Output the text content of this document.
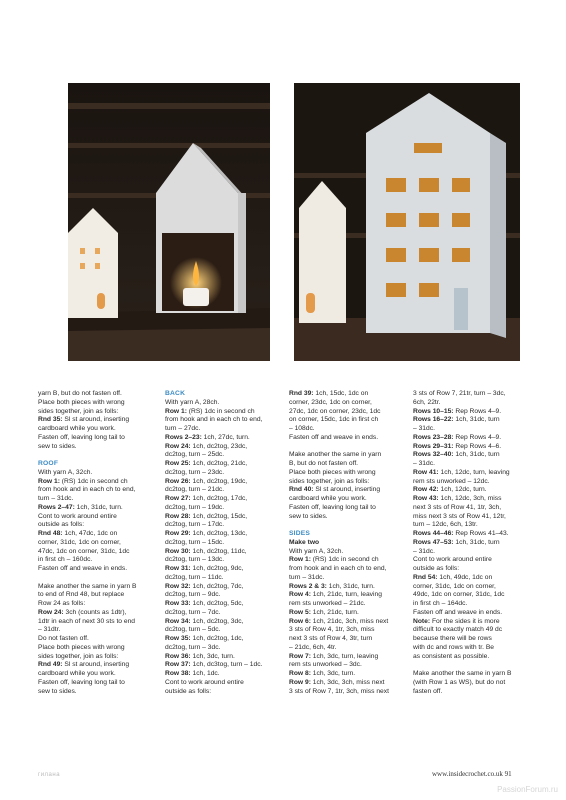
yarn B, but do not fasten off.

Place both pieces with wrong

sides together, join as folls:

Rnd 35: Sl st around, inserting

cardboard while you work.

Fasten off, leaving long tail to

sew to sides.

ROOF

With yarn A, 32ch.

Row 1: (RS) 1dc in second ch

from hook and in each ch to end,

turn – 31dc.

Rows 2–47: 1ch, 31dc, turn.

Cont to work around entire

outside as folls:

Rnd 48: 1ch, 47dc, 1dc on

corner, 31dc, 1dc on corner,

47dc, 1dc on corner, 31dc, 1dc

in first ch – 160dc.

Fasten off and weave in ends.

Make another the same in yarn B

to end of Rnd 48, but replace

Row 24 as folls:

Row 24: 3ch (counts as 1dtr),

1dtr in each of next 30 sts to end

– 31dtr.

Do not fasten off.

Place both pieces with wrong

sides together, join as folls:

Rnd 49: Sl st around, inserting

cardboard while you work.

Fasten off, leaving long tail to

sew to sides.

BACK

With yarn A, 28ch.

Row 1: (RS) 1dc in second ch

from hook and in each ch to end,

turn – 27dc.

Rows 2–23: 1ch, 27dc, turn.

Row 24: 1ch, dc2tog, 23dc,

dc2tog, turn – 25dc.

Row 25: 1ch, dc2tog, 21dc,

dc2tog, turn – 23dc.

Row 26: 1ch, dc2tog, 19dc,

dc2tog, turn – 21dc.

Row 27: 1ch, dc2tog, 17dc,

dc2tog, turn – 19dc.

Row 28: 1ch, dc2tog, 15dc,

dc2tog, turn – 17dc.

Row 29: 1ch, dc2tog, 13dc,

dc2tog, turn – 15dc.

Row 30: 1ch, dc2tog, 11dc,

dc2tog, turn – 13dc.

Row 31: 1ch, dc2tog, 9dc,

dc2tog, turn – 11dc.

Row 32: 1ch, dc2tog, 7dc,

dc2tog, turn – 9dc.

Row 33: 1ch, dc2tog, 5dc,

dc2tog, turn – 7dc.

Row 34: 1ch, dc2tog, 3dc,

dc2tog, turn – 5dc.

Row 35: 1ch, dc2tog, 1dc,

dc2tog, turn – 3dc.

Row 36: 1ch, 3dc, turn.

Row 37: 1ch, dc3tog, turn – 1dc.

Row 38: 1ch, 1dc.

Cont to work around entire

outside as folls:

Rnd 39: 1ch, 15dc, 1dc on

corner, 23dc, 1dc on corner,

27dc, 1dc on corner, 23dc, 1dc

on corner, 15dc, 1dc in first ch

– 108dc.

Fasten off and weave in ends.

Make another the same in yarn

B, but do not fasten off.

Place both pieces with wrong

sides together, join as folls:

Rnd 40: Sl st around, inserting

cardboard while you work.

Fasten off, leaving long tail to

sew to sides.

SIDES

Make two

With yarn A, 32ch.

Row 1: (RS) 1dc in second ch

from hook and in each ch to end,

turn – 31dc.

Rows 2 & 3: 1ch, 31dc, turn.

Row 4: 1ch, 21dc, turn, leaving

rem sts unworked – 21dc.

Row 5: 1ch, 21dc, turn.

Row 6: 1ch, 21dc, 3ch, miss next

3 sts of Row 4, 1tr, 3ch, miss

next 3 sts of Row 4, 3tr, turn

– 21dc, 6ch, 4tr.

Row 7: 1ch, 3dc, turn, leaving

rem sts unworked – 3dc.

Row 8: 1ch, 3dc, turn.

Row 9: 1ch, 3dc, 3ch, miss next

3 sts of Row 7, 1tr, 3ch, miss next

3 sts of Row 7, 21tr, turn – 3dc,

6ch, 22tr.

Rows 10–15: Rep Rows 4–9.

Rows 16–22: 1ch, 31dc, turn

– 31dc.

Rows 23–28: Rep Rows 4–9.

Rows 29–31: Rep Rows 4–6.

Rows 32–40: 1ch, 31dc, turn

– 31dc.

Row 41: 1ch, 12dc, turn, leaving

rem sts unworked – 12dc.

Row 42: 1ch, 12dc, turn.

Row 43: 1ch, 12dc, 3ch, miss

next 3 sts of Row 41, 1tr, 3ch,

miss next 3 sts of Row 41, 12tr,

turn – 12dc, 6ch, 13tr.

Rows 44–46: Rep Rows 41–43.

Rows 47–53: 1ch, 31dc, turn

– 31dc.

Cont to work around entire

outside as folls:

Rnd 54: 1ch, 49dc, 1dc on

corner, 31dc, 1dc on corner,

49dc, 1dc on corner, 31dc, 1dc

in first ch – 164dc.

Fasten off and weave in ends.

Note: For the sides it is more

difficult to exactly match 49 dc

because there will be rows

with dc and rows with tr. Be

as consistent as possible.

Make another the same in yarn B

(with Row 1 as WS), but do not

fasten off.

гилана	www.insidecrochet.co.uk 91
PassionForum.ru
